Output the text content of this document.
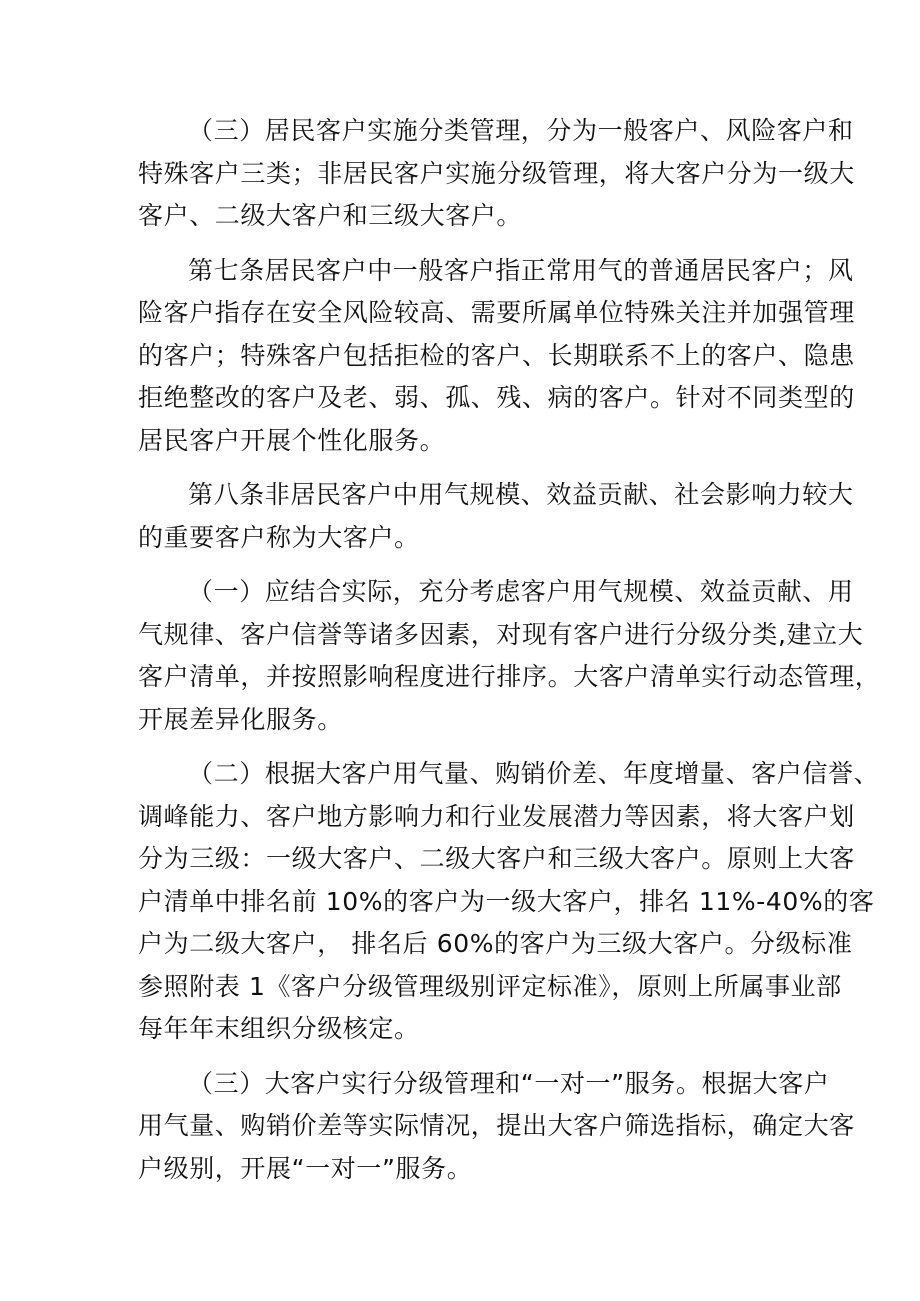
（三）居民客户实施分类管理，分为一般客户、风险客户和
特殊客户三类；非居民客户实施分级管理，将大客户分为一级大
客户、二级大客户和三级大客户。

第七条居民客户中一般客户指正常用气的普通居民客户；风
险客户指存在安全风险较高、需要所属单位特殊关注并加强管理
的客户；特殊客户包括拒检的客户、长期联系不上的客户、隐患
拒绝整改的客户及老、弱、孤、残、病的客户。针对不同类型的
居民客户开展个性化服务。

第八条非居民客户中用气规模、效益贡献、社会影响力较大
的重要客户称为大客户。

（一）应结合实际，充分考虑客户用气规模、效益贡献、用
气规律、客户信誉等诸多因素，对现有客户进行分级分类,建立大
客户清单，并按照影响程度进行排序。大客户清单实行动态管理，
开展差异化服务。

（二）根据大客户用气量、购销价差、年度增量、客户信誉、
调峰能力、客户地方影响力和行业发展潜力等因素，将大客户划
分为三级：一级大客户、二级大客户和三级大客户。原则上大客
户清单中排名前 10%的客户为一级大客户，排名 11%-40%的客
户为二级大客户， 排名后 60%的客户为三级大客户。分级标准
参照附表 1《客户分级管理级别评定标准》，原则上所属事业部
每年年末组织分级核定。

（三）大客户实行分级管理和“一对一”服务。根据大客户
用气量、购销价差等实际情况，提出大客户筛选指标，确定大客
户级别，开展“一对一”服务。
